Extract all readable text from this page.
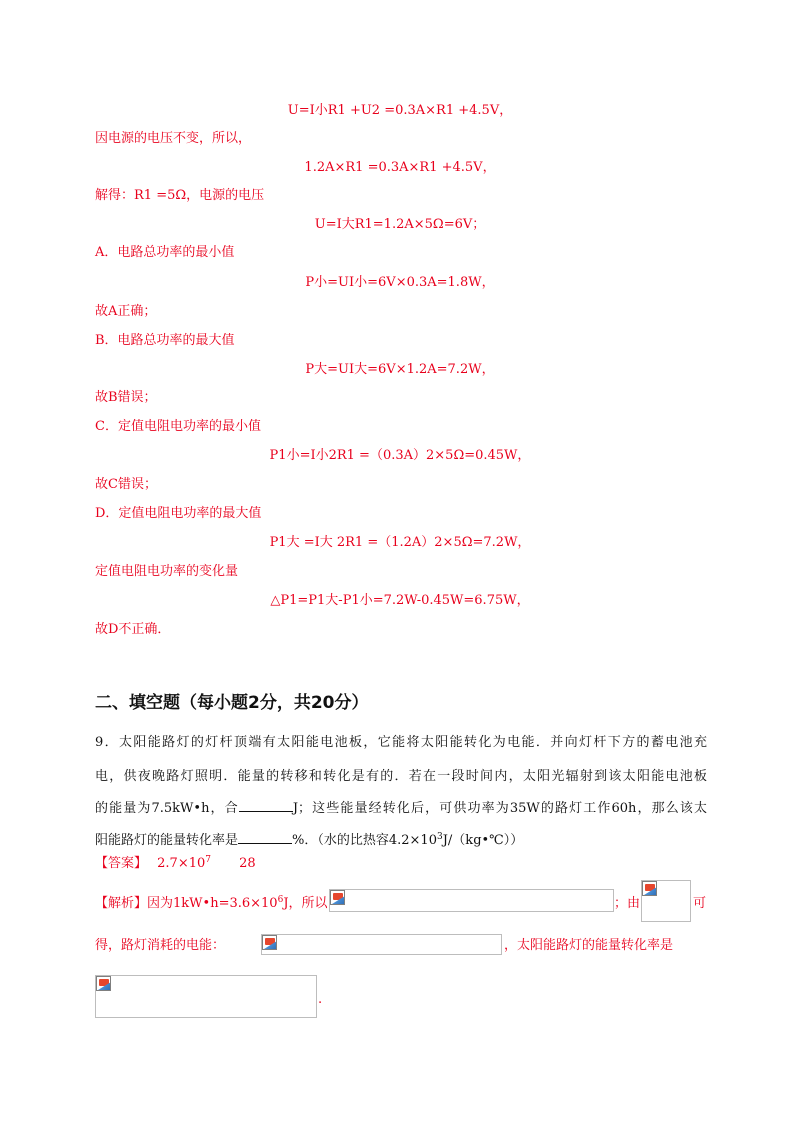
U=I小R1 +U2 =0.3A×R1 +4.5V，
因电源的电压不变，所以，
1.2A×R1 =0.3A×R1 +4.5V，
解得：R1 =5Ω，电源的电压
U=I大R1=1.2A×5Ω=6V；
A．电路总功率的最小值
P小=UI小=6V×0.3A=1.8W，
故A正确；
B．电路总功率的最大值
P大=UI大=6V×1.2A=7.2W，
故B错误；
C．定值电阻电功率的最小值
P1小=I小2R1 =（0.3A）2×5Ω=0.45W，
故C错误；
D．定值电阻电功率的最大值
P1大 =I大 2R1 =（1.2A）2×5Ω=7.2W，
定值电阻电功率的变化量
△P1=P1大-P1小=7.2W-0.45W=6.75W，
故D不正确．
二、填空题（每小题2分，共20分）
9．太阳能路灯的灯杆顶端有太阳能电池板，它能将太阳能转化为电能．并向灯杆下方的蓄电池充
电，供夜晚路灯照明．能量的转移和转化是有的．若在一段时间内，太阳光辐射到该太阳能电池板
的能量为7.5kW•h，合	J；这些能量经转化后，可供功率为35W的路灯工作60h，那么该太
阳能路灯的能量转化率是	%．（水的比热容$4.2\times 10^3J/(kg•℃)$）
【答案】 $2.7\times 10^7$ 28
【解析】因为$1kW•h=3.6\times 10^6J$，所以	；由	可
得，路灯消耗的电能：	，太阳能路灯的能量转化率是
.
